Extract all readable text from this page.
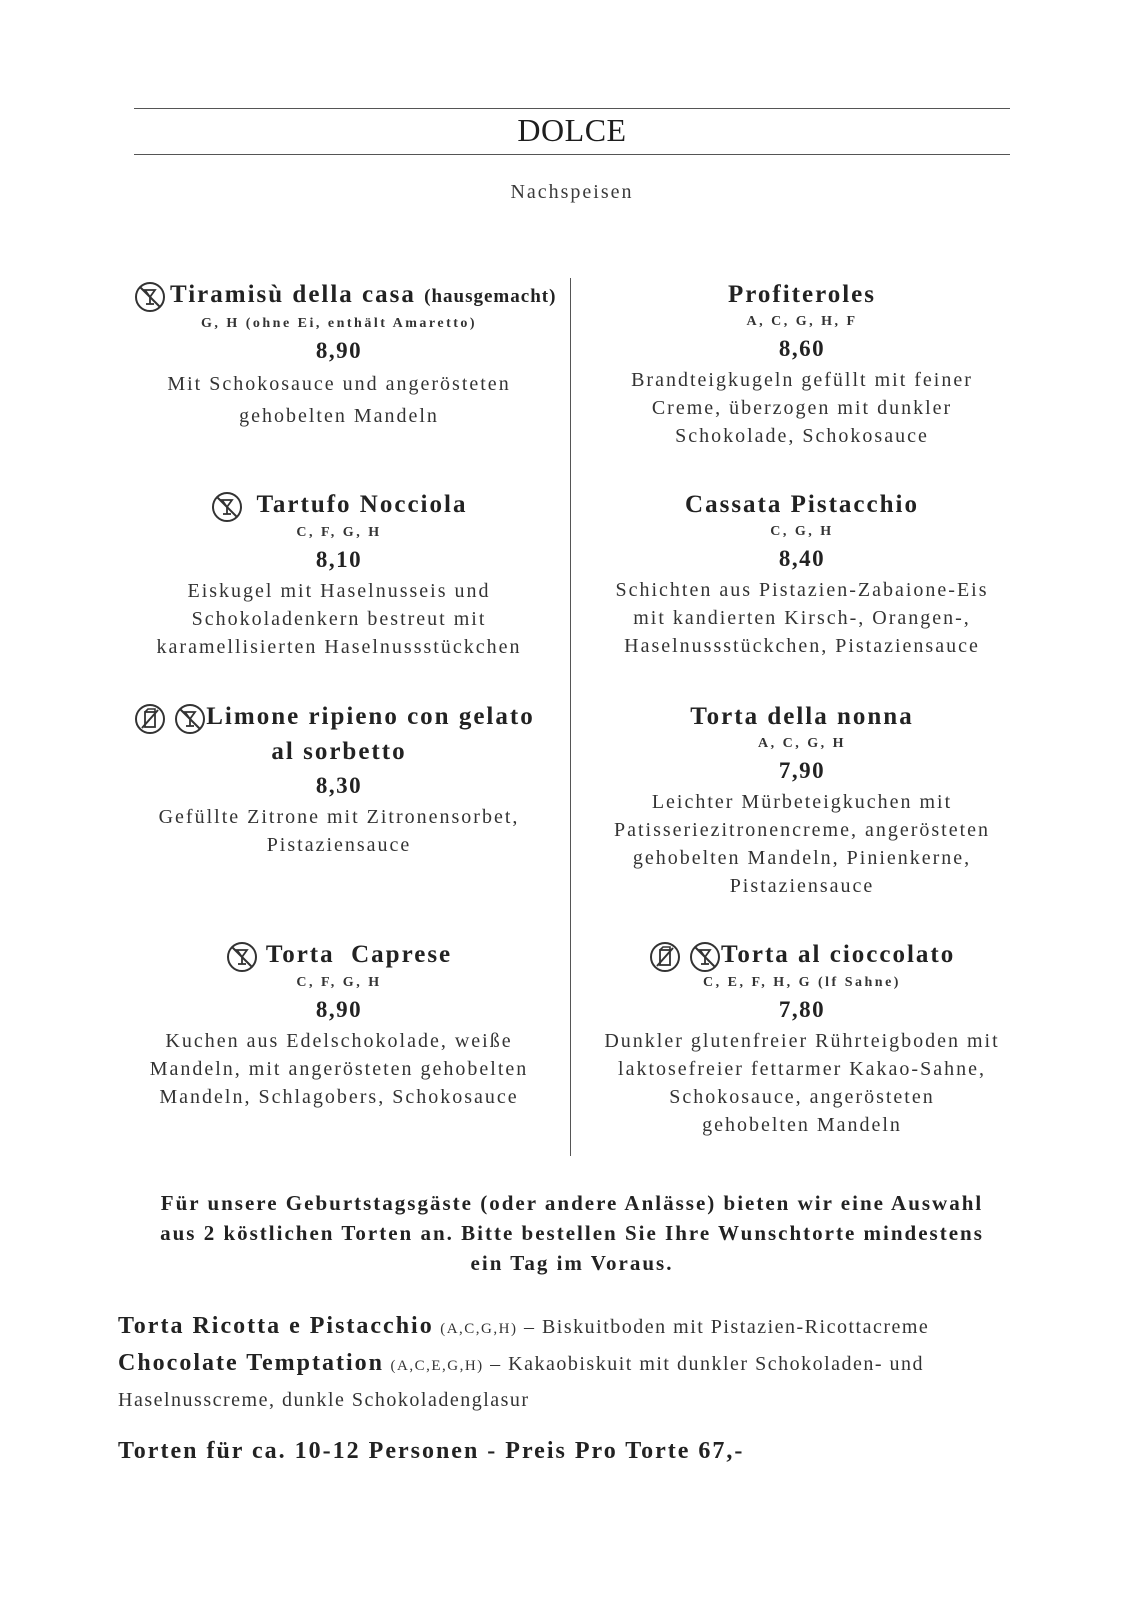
DOLCE
Nachspeisen
Tiramisù della casa (hausgemacht)
G, H (ohne Ei, enthält Amaretto)
8,90
Mit Schokosauce und angerösteten
gehobelten Mandeln
Profiteroles
A, C, G, H, F
8,60
Brandteigkugeln gefüllt mit feiner
Creme, überzogen mit dunkler
Schokolade, Schokosauce
Tartufo Nocciola
C, F, G, H
8,10
Eiskugel mit Haselnusseis und
Schokoladenkern bestreut mit
karamellisierten Haselnussstückchen
Cassata Pistacchio
C, G, H
8,40
Schichten aus Pistazien-Zabaione-Eis
mit kandierten Kirsch-, Orangen-,
Haselnussstückchen, Pistaziensauce
Limone ripieno con gelato
al sorbetto
8,30
Gefüllte Zitrone mit Zitronensorbet,
Pistaziensauce
Torta della nonna
A, C, G, H
7,90
Leichter Mürbeteigkuchen mit
Patisseriezitronencreme, angerösteten
gehobelten Mandeln, Pinienkerne,
Pistaziensauce
Torta  Caprese
C, F, G, H
8,90
Kuchen aus Edelschokolade, weiße
Mandeln, mit angerösteten gehobelten
Mandeln, Schlagobers, Schokosauce
Torta al cioccolato
C, E, F, H, G (lf Sahne)
7,80
Dunkler glutenfreier Rührteigboden mit
laktosefreier fettarmer Kakao-Sahne,
Schokosauce, angerösteten
gehobelten Mandeln
Für unsere Geburtstagsgäste (oder andere Anlässe) bieten wir eine Auswahl
aus 2 köstlichen Torten an. Bitte bestellen Sie Ihre Wunschtorte mindestens
ein Tag im Voraus.
Torta Ricotta e Pistacchio (A,C,G,H) – Biskuitboden mit Pistazien-Ricottacreme
Chocolate Temptation (A,C,E,G,H) – Kakaobiskuit mit dunkler Schokoladen- und
Haselnusscreme, dunkle Schokoladenglasur
Torten für ca. 10-12 Personen - Preis Pro Torte 67,-
